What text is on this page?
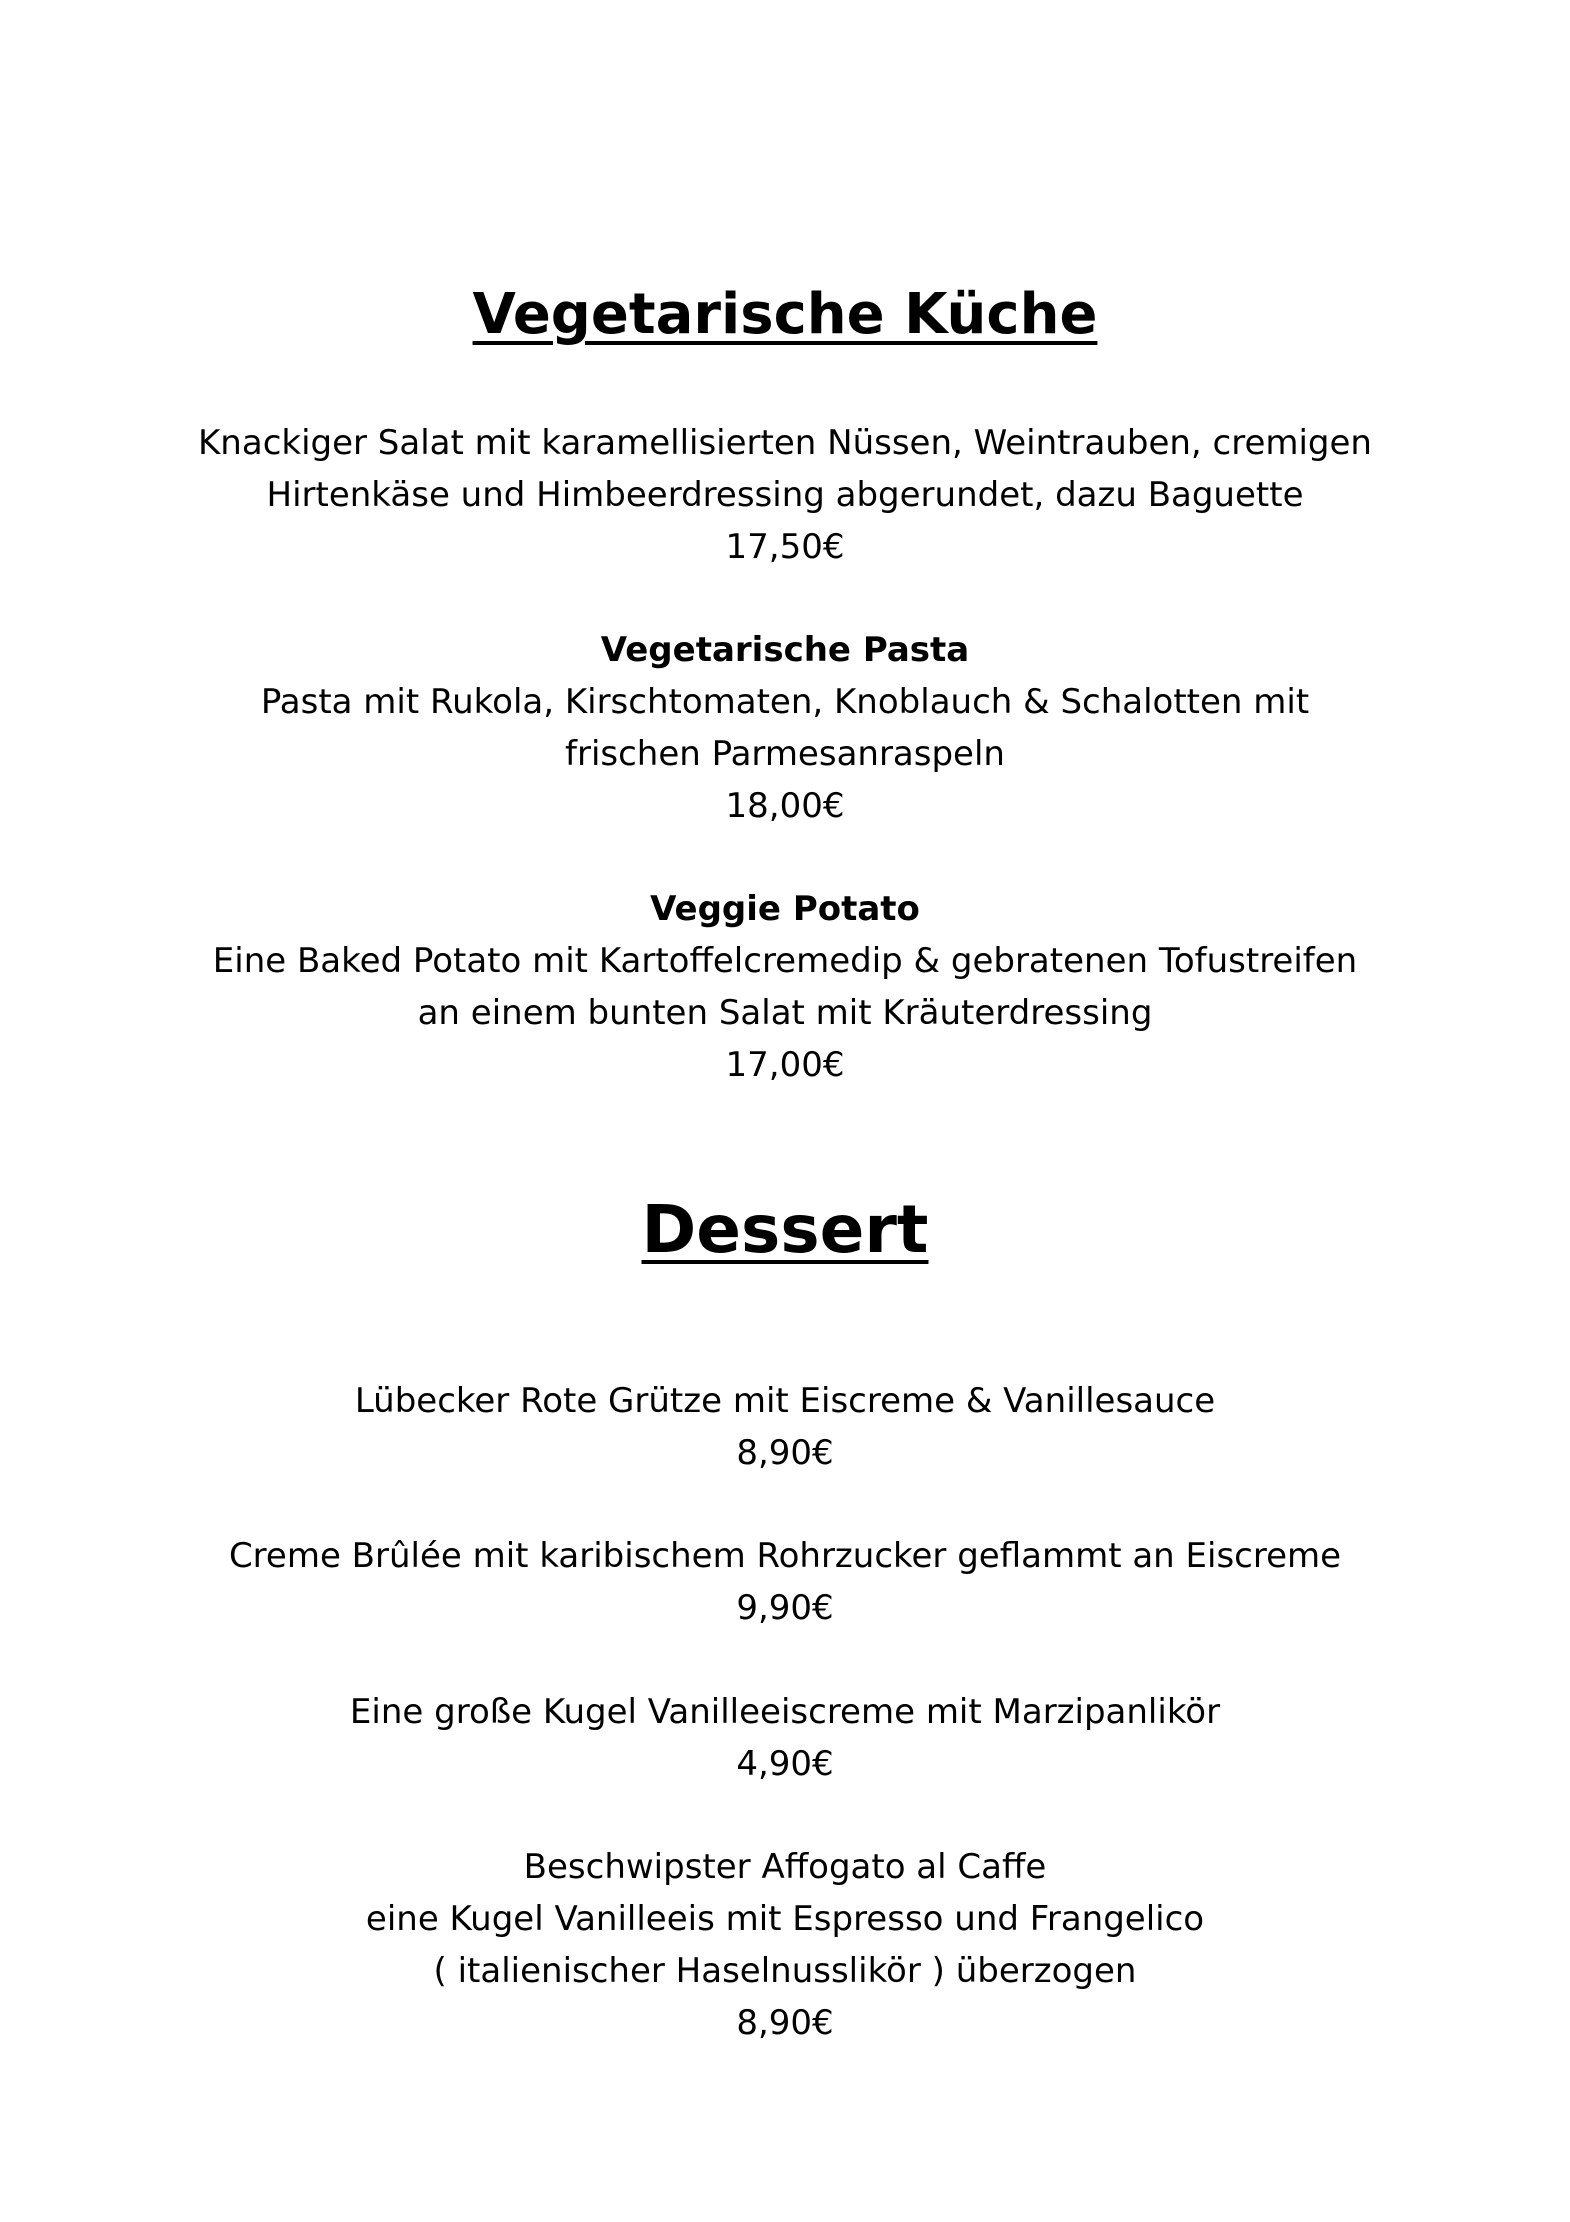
Vegetarische Küche
Knackiger Salat mit karamellisierten Nüssen, Weintrauben, cremigen
Hirtenkäse und Himbeerdressing abgerundet, dazu Baguette
17,50€
Vegetarische Pasta
Pasta mit Rukola, Kirschtomaten, Knoblauch & Schalotten mit
frischen Parmesanraspeln
18,00€
Veggie Potato
Eine Baked Potato mit Kartoffelcremedip & gebratenen Tofustreifen
an einem bunten Salat mit Kräuterdressing
17,00€
Dessert
Lübecker Rote Grütze mit Eiscreme & Vanillesauce
8,90€
Creme Brûlée mit karibischem Rohrzucker geflammt an Eiscreme
9,90€
Eine große Kugel Vanilleeiscreme mit Marzipanlikör
4,90€
Beschwipster Affogato al Caffe
eine Kugel Vanilleeis mit Espresso und Frangelico
( italienischer Haselnusslikör ) überzogen
8,90€
